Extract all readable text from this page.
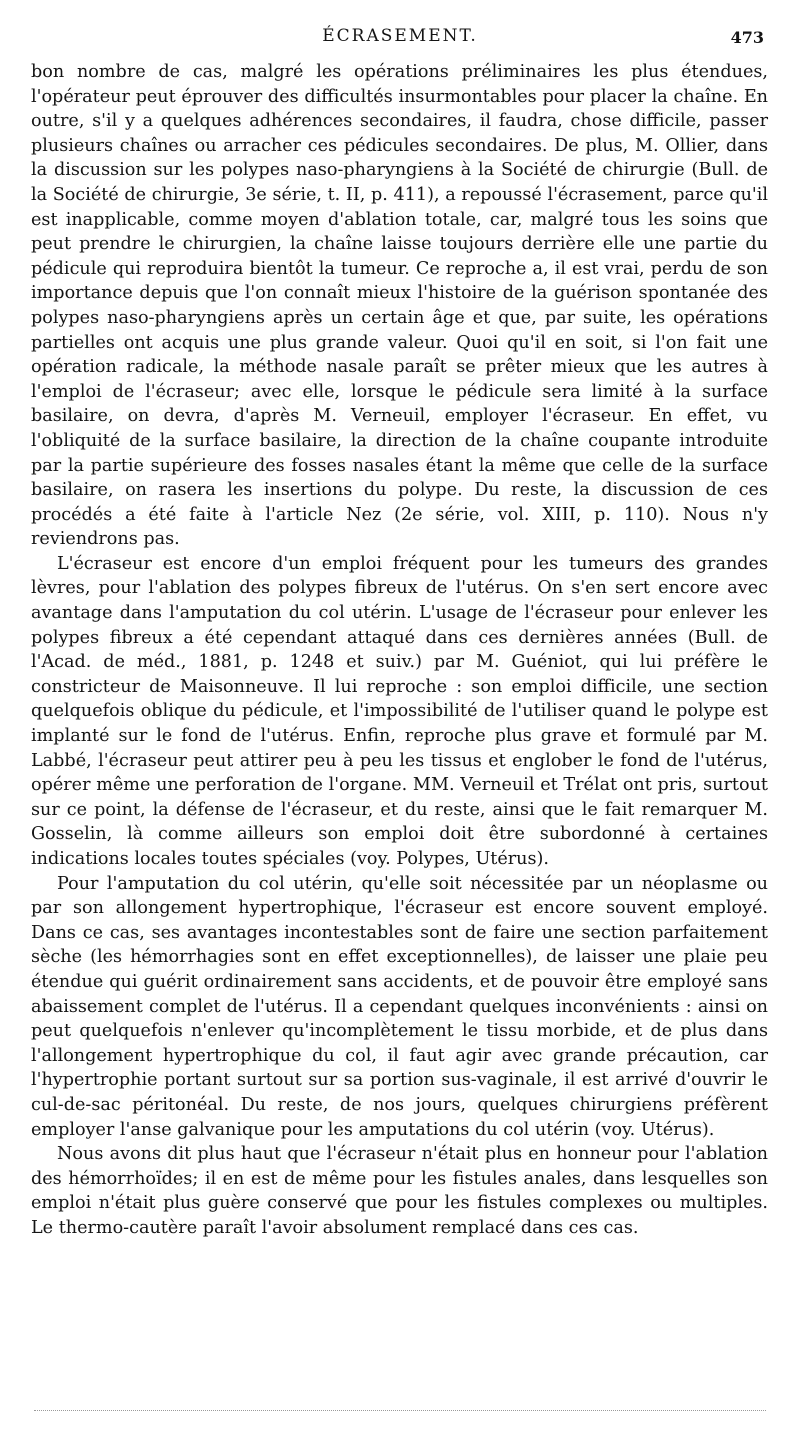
ÉCRASEMENT.	473

bon nombre de cas, malgré les opérations préliminaires les plus étendues, l'opérateur peut éprouver des difficultés insurmontables pour placer la chaîne. En outre, s'il y a quelques adhérences secondaires, il faudra, chose difficile, passer plusieurs chaînes ou arracher ces pédicules secondaires. De plus, M. Ollier, dans la discussion sur les polypes naso-pharyngiens à la Société de chirurgie (Bull. de la Société de chirurgie, 3e série, t. II, p. 411), a repoussé l'écrasement, parce qu'il est inapplicable, comme moyen d'ablation totale, car, malgré tous les soins que peut prendre le chirurgien, la chaîne laisse toujours derrière elle une partie du pédicule qui reproduira bientôt la tumeur. Ce reproche a, il est vrai, perdu de son importance depuis que l'on connaît mieux l'histoire de la guérison spontanée des polypes naso-pharyngiens après un certain âge et que, par suite, les opérations partielles ont acquis une plus grande valeur. Quoi qu'il en soit, si l'on fait une opération radicale, la méthode nasale paraît se prêter mieux que les autres à l'emploi de l'écraseur; avec elle, lorsque le pédicule sera limité à la surface basilaire, on devra, d'après M. Verneuil, employer l'écraseur. En effet, vu l'obliquité de la surface basilaire, la direction de la chaîne coupante introduite par la partie supérieure des fosses nasales étant la même que celle de la surface basilaire, on rasera les insertions du polype. Du reste, la discussion de ces procédés a été faite à l'article Nez (2e série, vol. XIII, p. 110). Nous n'y reviendrons pas.

L'écraseur est encore d'un emploi fréquent pour les tumeurs des grandes lèvres, pour l'ablation des polypes fibreux de l'utérus. On s'en sert encore avec avantage dans l'amputation du col utérin. L'usage de l'écraseur pour enlever les polypes fibreux a été cependant attaqué dans ces dernières années (Bull. de l'Acad. de méd., 1881, p. 1248 et suiv.) par M. Guéniot, qui lui préfère le constricteur de Maisonneuve. Il lui reproche : son emploi difficile, une section quelquefois oblique du pédicule, et l'impossibilité de l'utiliser quand le polype est implanté sur le fond de l'utérus. Enfin, reproche plus grave et formulé par M. Labbé, l'écraseur peut attirer peu à peu les tissus et englober le fond de l'utérus, opérer même une perforation de l'organe. MM. Verneuil et Trélat ont pris, surtout sur ce point, la défense de l'écraseur, et du reste, ainsi que le fait remarquer M. Gosselin, là comme ailleurs son emploi doit être subordonné à certaines indications locales toutes spéciales (voy. Polypes, Utérus).

Pour l'amputation du col utérin, qu'elle soit nécessitée par un néoplasme ou par son allongement hypertrophique, l'écraseur est encore souvent employé. Dans ce cas, ses avantages incontestables sont de faire une section parfaitement sèche (les hémorrhagies sont en effet exceptionnelles), de laisser une plaie peu étendue qui guérit ordinairement sans accidents, et de pouvoir être employé sans abaissement complet de l'utérus. Il a cependant quelques inconvénients : ainsi on peut quelquefois n'enlever qu'incomplètement le tissu morbide, et de plus dans l'allongement hypertrophique du col, il faut agir avec grande précaution, car l'hypertrophie portant surtout sur sa portion sus-vaginale, il est arrivé d'ouvrir le cul-de-sac péritonéal. Du reste, de nos jours, quelques chirurgiens préfèrent employer l'anse galvanique pour les amputations du col utérin (voy. Utérus).

Nous avons dit plus haut que l'écraseur n'était plus en honneur pour l'ablation des hémorrhoïdes; il en est de même pour les fistules anales, dans lesquelles son emploi n'était plus guère conservé que pour les fistules complexes ou multiples. Le thermo-cautère paraît l'avoir absolument remplacé dans ces cas.
